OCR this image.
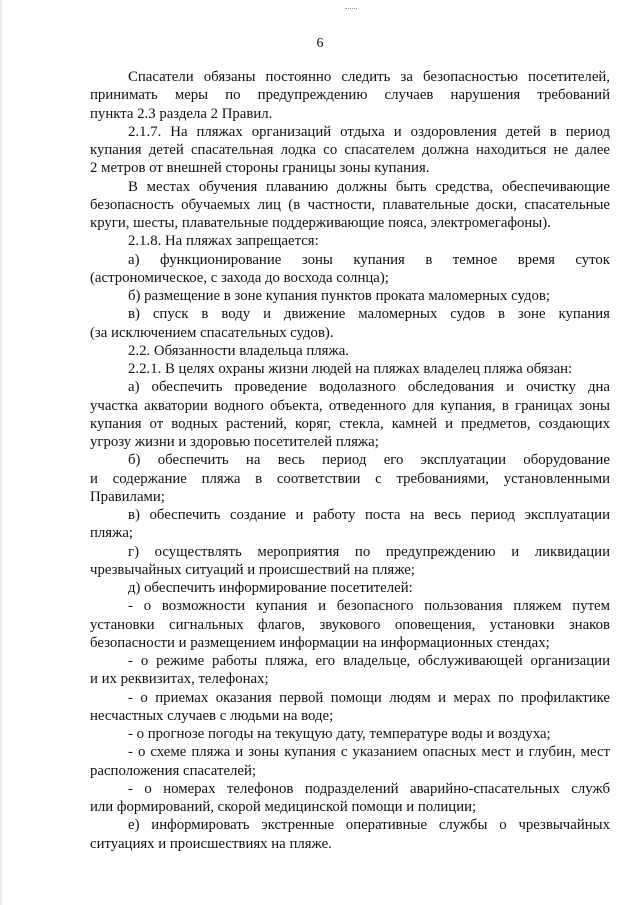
6
Спасатели обязаны постоянно следить за безопасностью посетителей,
принимать меры по предупреждению случаев нарушения требований
пункта 2.3 раздела 2 Правил.
2.1.7. На пляжах организаций отдыха и оздоровления детей в период
купания детей спасательная лодка со спасателем должна находиться не далее
2 метров от внешней стороны границы зоны купания.
В местах обучения плаванию должны быть средства, обеспечивающие
безопасность обучаемых лиц (в частности, плавательные доски, спасательные
круги, шесты, плавательные поддерживающие пояса, электромегафоны).
2.1.8. На пляжах запрещается:
а) функционирование зоны купания в темное время суток
(астрономическое, с захода до восхода солнца);
б) размещение в зоне купания пунктов проката маломерных судов;
в) спуск в воду и движение маломерных судов в зоне купания
(за исключением спасательных судов).
2.2. Обязанности владельца пляжа.
2.2.1. В целях охраны жизни людей на пляжах владелец пляжа обязан:
а) обеспечить проведение водолазного обследования и очистку дна
участка акватории водного объекта, отведенного для купания, в границах зоны
купания от водных растений, коряг, стекла, камней и предметов, создающих
угрозу жизни и здоровью посетителей пляжа;
б) обеспечить на весь период его эксплуатации оборудование
и содержание пляжа в соответствии с требованиями, установленными
Правилами;
в) обеспечить создание и работу поста на весь период эксплуатации
пляжа;
г) осуществлять мероприятия по предупреждению и ликвидации
чрезвычайных ситуаций и происшествий на пляже;
д) обеспечить информирование посетителей:
- о возможности купания и безопасного пользования пляжем путем
установки сигнальных флагов, звукового оповещения, установки знаков
безопасности и размещением информации на информационных стендах;
- о режиме работы пляжа, его владельце, обслуживающей организации
и их реквизитах, телефонах;
- о приемах оказания первой помощи людям и мерах по профилактике
несчастных случаев с людьми на воде;
- о прогнозе погоды на текущую дату, температуре воды и воздуха;
- о схеме пляжа и зоны купания с указанием опасных мест и глубин, мест
расположения спасателей;
- о номерах телефонов подразделений аварийно-спасательных служб
или формирований, скорой медицинской помощи и полиции;
е) информировать экстренные оперативные службы о чрезвычайных
ситуациях и происшествиях на пляже.
